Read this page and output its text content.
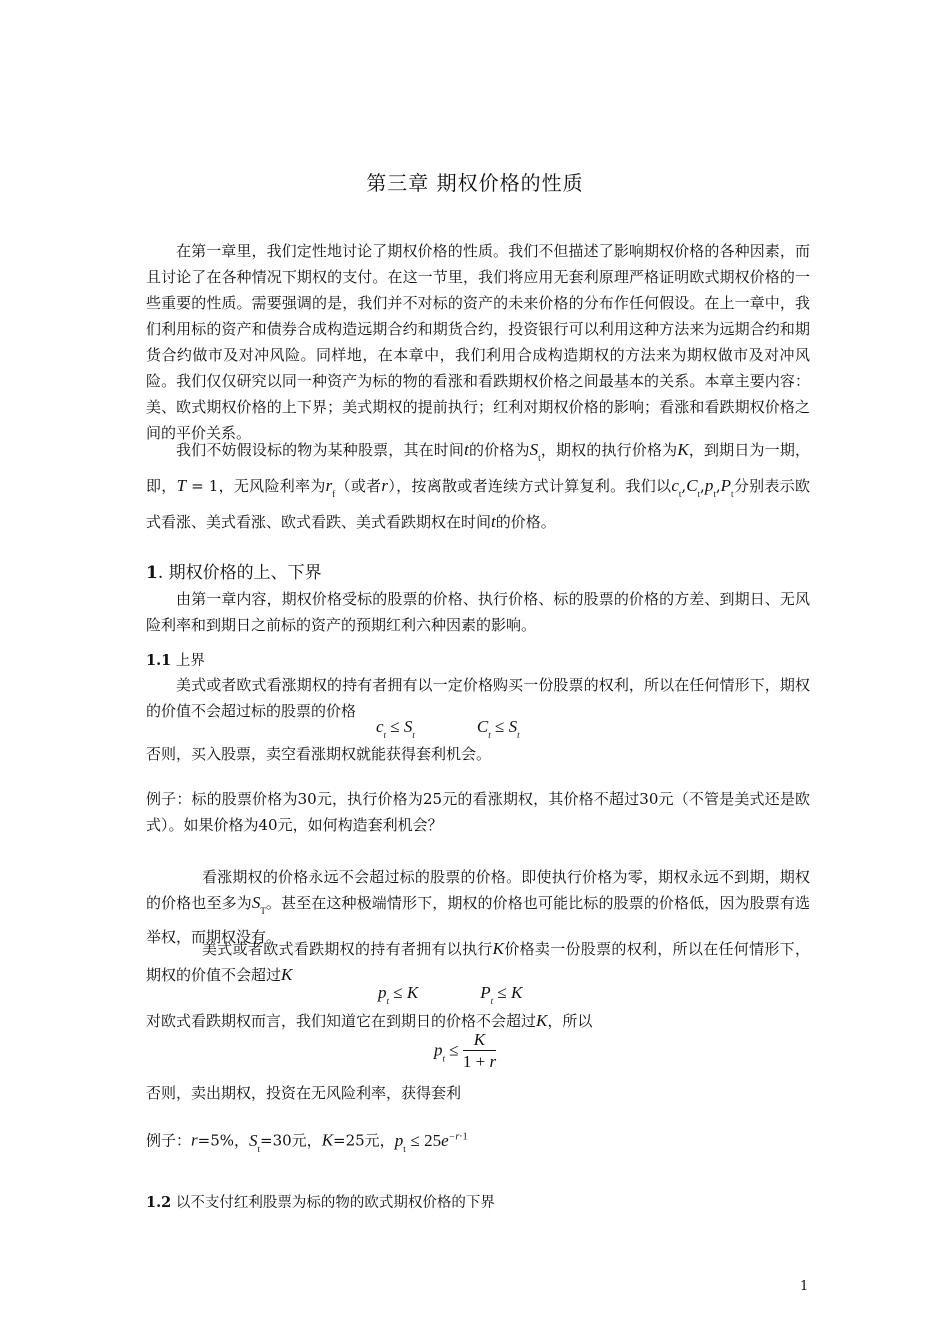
第三章 期权价格的性质

在第一章里，我们定性地讨论了期权价格的性质。我们不但描述了影响期权价格的各种因素，而且讨论了在各种情况下期权的支付。在这一节里，我们将应用无套利原理严格证明欧式期权价格的一些重要的性质。需要强调的是，我们并不对标的资产的未来价格的分布作任何假设。在上一章中，我们利用标的资产和债券合成构造远期合约和期货合约，投资银行可以利用这种方法来为远期合约和期货合约做市及对冲风险。同样地，在本章中，我们利用合成构造期权的方法来为期权做市及对冲风险。我们仅仅研究以同一种资产为标的物的看涨和看跌期权价格之间最基本的关系。本章主要内容：美、欧式期权价格的上下界；美式期权的提前执行；红利对期权价格的影响；看涨和看跌期权价格之间的平价关系。

我们不妨假设标的物为某种股票，其在时间t的价格为$S_t$，期权的执行价格为K，到期日为一期，即，T = 1，无风险利率为$r_f$（或者r），按离散或者连续方式计算复利。我们以$c_t,C_t,p_t,P_t$分别表示欧式看涨、美式看涨、欧式看跌、美式看跌期权在时间t的价格。

1. 期权价格的上、下界

由第一章内容，期权价格受标的股票的价格、执行价格、标的股票的价格的方差、到期日、无风险利率和到期日之前标的资产的预期红利六种因素的影响。

1.1 上界

美式或者欧式看涨期权的持有者拥有以一定价格购买一份股票的权利，所以在任何情形下，期权的价值不会超过标的股票的价格

$c_t \le S_t$	$C_t \le S_t$

否则，买入股票，卖空看涨期权就能获得套利机会。

例子：标的股票价格为30元，执行价格为25元的看涨期权，其价格不超过30元（不管是美式还是欧式）。如果价格为40元，如何构造套利机会？

看涨期权的价格永远不会超过标的股票的价格。即使执行价格为零，期权永远不到期，期权的价格也至多为$S_T$。甚至在这种极端情形下，期权的价格也可能比标的股票的价格低，因为股票有选举权，而期权没有。

美式或者欧式看跌期权的持有者拥有以执行K价格卖一份股票的权利，所以在任何情形下，期权的价值不会超过K

$p_t \le K$	$P_t \le K$

对欧式看跌期权而言，我们知道它在到期日的价格不会超过K，所以

$p_t \le \frac{K}{1 + r}$

否则，卖出期权，投资在无风险利率，获得套利

例子：r=5%，$S_t=30$元，K=25元，$p_t \le 25e^{-r\cdot 1}$

1.2 以不支付红利股票为标的物的欧式期权价格的下界
1
